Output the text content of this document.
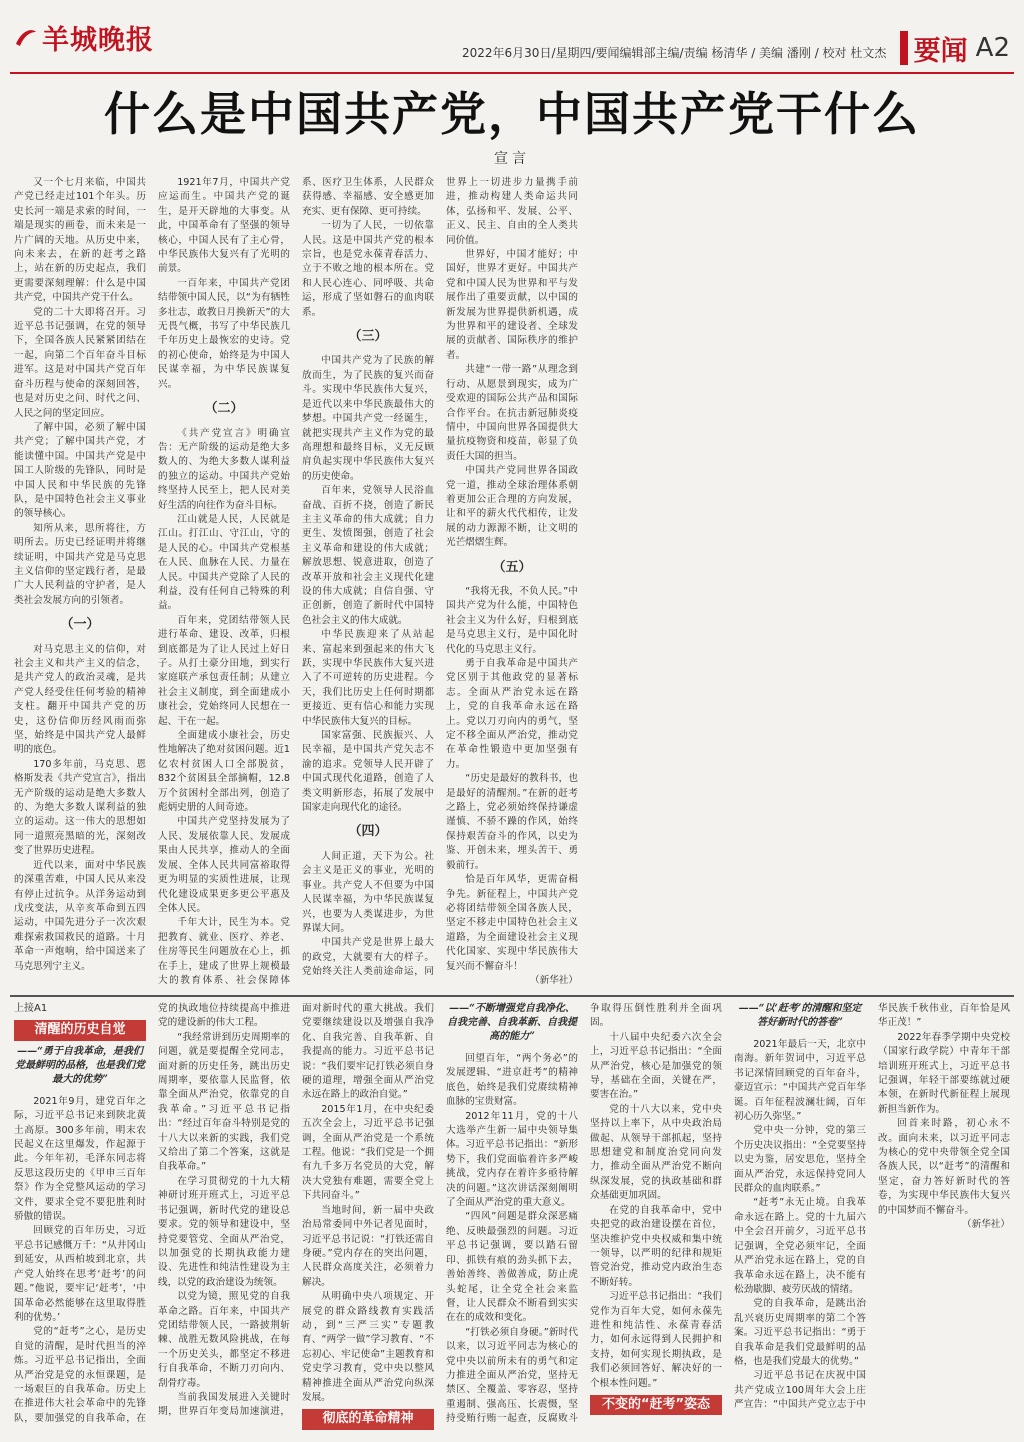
羊城晚报	2022年6月30日/星期四/要闻编辑部主编/责编 杨清华 / 美编 潘刚 / 校对 杜文杰 要闻 A2
什么是中国共产党，中国共产党干什么
宣言

又一个七月来临，中国共产党已经走过101个年头。历史长河一端是求索的时间，一端是现实的画卷，而未来是一片广阔的天地。从历史中来，向未来去，在新的赶考之路上，站在新的历史起点，我们更需要深刻理解：什么是中国共产党，中国共产党干什么。

党的二十大即将召开。习近平总书记强调，在党的领导下，全国各族人民紧紧团结在一起，向第二个百年奋斗目标进军。这是对中国共产党百年奋斗历程与使命的深刻回答，也是对历史之问、时代之问、人民之问的坚定回应。

了解中国，必须了解中国共产党；了解中国共产党，才能读懂中国。中国共产党是中国工人阶级的先锋队，同时是中国人民和中华民族的先锋队，是中国特色社会主义事业的领导核心。

知所从来，思所将往，方明所去。历史已经证明并将继续证明，中国共产党是马克思主义信仰的坚定践行者，是最广大人民利益的守护者，是人类社会发展方向的引领者。

（一）

对马克思主义的信仰，对社会主义和共产主义的信念，是共产党人的政治灵魂，是共产党人经受住任何考验的精神支柱。翻开中国共产党的历史，这份信仰历经风雨而弥坚，始终是中国共产党人最鲜明的底色。

170多年前，马克思、恩格斯发表《共产党宣言》，指出无产阶级的运动是绝大多数人的、为绝大多数人谋利益的独立的运动。这一伟大的思想如同一道照亮黑暗的光，深刻改变了世界历史进程。

近代以来，面对中华民族的深重苦难，中国人民从来没有停止过抗争。从洋务运动到戊戌变法，从辛亥革命到五四运动，中国先进分子一次次艰难探索救国救民的道路。十月革命一声炮响，给中国送来了马克思列宁主义。

1921年7月，中国共产党应运而生。中国共产党的诞生，是开天辟地的大事变。从此，中国革命有了坚强的领导核心，中国人民有了主心骨，中华民族伟大复兴有了光明的前景。

一百年来，中国共产党团结带领中国人民，以“为有牺牲多壮志，敢教日月换新天”的大无畏气概，书写了中华民族几千年历史上最恢宏的史诗。党的初心使命，始终是为中国人民谋幸福，为中华民族谋复兴。

（二）

《共产党宣言》明确宣告：无产阶级的运动是绝大多数人的、为绝大多数人谋利益的独立的运动。中国共产党始终坚持人民至上，把人民对美好生活的向往作为奋斗目标。

江山就是人民，人民就是江山。打江山、守江山，守的是人民的心。中国共产党根基在人民、血脉在人民、力量在人民。中国共产党除了人民的利益，没有任何自己特殊的利益。

百年来，党团结带领人民进行革命、建设、改革，归根到底都是为了让人民过上好日子。从打土豪分田地，到实行家庭联产承包责任制；从建立社会主义制度，到全面建成小康社会，党始终同人民想在一起、干在一起。

全面建成小康社会，历史性地解决了绝对贫困问题。近1亿农村贫困人口全部脱贫，832个贫困县全部摘帽，12.8万个贫困村全部出列，创造了彪炳史册的人间奇迹。

中国共产党坚持发展为了人民、发展依靠人民、发展成果由人民共享，推动人的全面发展、全体人民共同富裕取得更为明显的实质性进展，让现代化建设成果更多更公平惠及全体人民。

千年大计，民生为本。党把教育、就业、医疗、养老、住房等民生问题放在心上，抓在手上，建成了世界上规模最大的教育体系、社会保障体系、医疗卫生体系，人民群众获得感、幸福感、安全感更加充实、更有保障、更可持续。

一切为了人民，一切依靠人民。这是中国共产党的根本宗旨，也是党永葆青春活力、立于不败之地的根本所在。党和人民心连心、同呼吸、共命运，形成了坚如磐石的血肉联系。

（三）

中国共产党为了民族的解放而生，为了民族的复兴而奋斗。实现中华民族伟大复兴，是近代以来中华民族最伟大的梦想。中国共产党一经诞生，就把实现共产主义作为党的最高理想和最终目标，义无反顾肩负起实现中华民族伟大复兴的历史使命。

百年来，党领导人民浴血奋战、百折不挠，创造了新民主主义革命的伟大成就；自力更生、发愤图强，创造了社会主义革命和建设的伟大成就；解放思想、锐意进取，创造了改革开放和社会主义现代化建设的伟大成就；自信自强、守正创新，创造了新时代中国特色社会主义的伟大成就。

中华民族迎来了从站起来、富起来到强起来的伟大飞跃，实现中华民族伟大复兴进入了不可逆转的历史进程。今天，我们比历史上任何时期都更接近、更有信心和能力实现中华民族伟大复兴的目标。

国家富强、民族振兴、人民幸福，是中国共产党矢志不渝的追求。党领导人民开辟了中国式现代化道路，创造了人类文明新形态，拓展了发展中国家走向现代化的途径。

（四）

人间正道，天下为公。社会主义是正义的事业，光明的事业。共产党人不但要为中国人民谋幸福，为中华民族谋复兴，也要为人类谋进步，为世界谋大同。

中国共产党是世界上最大的政党，大就要有大的样子。党始终关注人类前途命运，同世界上一切进步力量携手前进，推动构建人类命运共同体，弘扬和平、发展、公平、正义、民主、自由的全人类共同价值。

世界好，中国才能好；中国好，世界才更好。中国共产党和中国人民为世界和平与发展作出了重要贡献，以中国的新发展为世界提供新机遇，成为世界和平的建设者、全球发展的贡献者、国际秩序的维护者。

共建“一带一路”从理念到行动、从愿景到现实，成为广受欢迎的国际公共产品和国际合作平台。在抗击新冠肺炎疫情中，中国向世界各国提供大量抗疫物资和疫苗，彰显了负责任大国的担当。

中国共产党同世界各国政党一道，推动全球治理体系朝着更加公正合理的方向发展，让和平的薪火代代相传，让发展的动力源源不断，让文明的光芒熠熠生辉。

（五）

“我将无我，不负人民。”中国共产党为什么能，中国特色社会主义为什么好，归根到底是马克思主义行，是中国化时代化的马克思主义行。

勇于自我革命是中国共产党区别于其他政党的显著标志。全面从严治党永远在路上，党的自我革命永远在路上。党以刀刃向内的勇气，坚定不移全面从严治党，推动党在革命性锻造中更加坚强有力。

“历史是最好的教科书，也是最好的清醒剂。”在新的赶考之路上，党必须始终保持谦虚谨慎、不骄不躁的作风，始终保持艰苦奋斗的作风，以史为鉴、开创未来，埋头苦干、勇毅前行。

恰是百年风华，更需奋楫争先。新征程上，中国共产党必将团结带领全国各族人民，坚定不移走中国特色社会主义道路，为全面建设社会主义现代化国家、实现中华民族伟大复兴而不懈奋斗！

（新华社）

上接A1

清醒的历史自觉
——“勇于自我革命，是我们党最鲜明的品格，也是我们党最大的优势”

2021年9月，建党百年之际，习近平总书记来到陕北黄土高原。300多年前，明末农民起义在这里爆发，作起源于此。今年年初，毛泽东同志将反思这段历史的《甲申三百年祭》作为全党整风运动的学习文件，要求全党不要犯胜利时骄傲的错误。

回顾党的百年历史，习近平总书记感慨万千：“从井冈山到延安，从西柏坡到北京，共产党人始终在思考‘赶考’的问题。”他说，要牢记‘赶考’，‘中国革命必然能够在这里取得胜利的优势。’

党的“赶考”之心，是历史自觉的清醒，是时代担当的淬炼。习近平总书记指出，全面从严治党是党的永恒课题，是一场艰巨的自我革命。历史上在推进伟大社会革命中的先锋队，要加强党的自我革命，在党的执政地位持续提高中推进党的建设新的伟大工程。

“我经常讲到历史周期率的问题，就是要提醒全党同志，面对新的历史任务，跳出历史周期率，要依靠人民监督，依靠全面从严治党，依靠党的自我革命。”习近平总书记指出：“经过百年奋斗特别是党的十八大以来新的实践，我们党又给出了第二个答案，这就是自我革命。”

在学习贯彻党的十九大精神研讨班开班式上，习近平总书记强调，新时代党的建设总要求。党的领导和建设中，坚持党要管党、全面从严治党，以加强党的长期执政能力建设、先进性和纯洁性建设为主线，以党的政治建设为统领。

以党为镜，照见党的自我革命之路。百年来，中国共产党团结带领人民，一路披荆斩棘、战胜无数风险挑战，在每一个历史关头，都坚定不移进行自我革命，不断刀刃向内、刮骨疗毒。

当前我国发展进入关键时期，世界百年变局加速演进，面对新时代的重大挑战。我们党要继续建设以及增强自我净化、自我完善、自我革新、自我提高的能力。习近平总书记说：“我们要牢记打铁必须自身硬的道理，增强全面从严治党永远在路上的政治自觉。”

2015年1月，在中央纪委五次全会上，习近平总书记强调，全面从严治党是一个系统工程。他说：“我们党是一个拥有九千多万名党员的大党，解决大党独有难题，需要全党上下共同奋斗。”

当地时间，新一届中央政治局常委同中外记者见面时，习近平总书记说：“打铁还需自身硬。”党内存在的突出问题，人民群众高度关注，必须着力解决。

从明确中央八项规定、开展党的群众路线教育实践活动，到“三严三实”专题教育、“两学一做”学习教育、“不忘初心、牢记使命”主题教育和党史学习教育，党中央以整风精神推进全面从严治党向纵深发展。

彻底的革命精神
——“不断增强党自我净化、自我完善、自我革新、自我提高的能力”

回望百年，“两个务必”的发展逻辑、“进京赶考”的精神底色，始终是我们党赓续精神血脉的宝贵财富。

2012年11月，党的十八大选举产生新一届中央领导集体。习近平总书记指出：“新形势下，我们党面临着许多严峻挑战，党内存在着许多亟待解决的问题。”这次讲话深刻阐明了全面从严治党的重大意义。

“四风”问题是群众深恶痛绝、反映最强烈的问题。习近平总书记强调，要以踏石留印、抓铁有痕的劲头抓下去，善始善终、善做善成，防止虎头蛇尾，让全党全社会来监督，让人民群众不断看到实实在在的成效和变化。

“打铁必须自身硬。”新时代以来，以习近平同志为核心的党中央以前所未有的勇气和定力推进全面从严治党，坚持无禁区、全覆盖、零容忍，坚持重遏制、强高压、长震慑，坚持受贿行贿一起查，反腐败斗争取得压倒性胜利并全面巩固。

十八届中央纪委六次全会上，习近平总书记指出：“全面从严治党，核心是加强党的领导，基础在全面，关键在严，要害在治。”

党的十八大以来，党中央坚持以上率下，从中央政治局做起、从领导干部抓起，坚持思想建党和制度治党同向发力，推动全面从严治党不断向纵深发展，党的执政基础和群众基础更加巩固。

在党的自我革命中，党中央把党的政治建设摆在首位，坚决维护党中央权威和集中统一领导，以严明的纪律和规矩管党治党，推动党内政治生态不断好转。

习近平总书记指出：“我们党作为百年大党，如何永葆先进性和纯洁性、永葆青春活力，如何永远得到人民拥护和支持，如何实现长期执政，是我们必须回答好、解决好的一个根本性问题。”

不变的“赶考”姿态
——“以‘赶考’的清醒和坚定答好新时代的答卷”

2021年最后一天，北京中南海。新年贺词中，习近平总书记深情回顾党的百年奋斗，豪迈宣示：“中国共产党百年华诞。百年征程波澜壮阔，百年初心历久弥坚。”

党中央一分钟，党的第三个历史决议指出：“全党要坚持以史为鉴，居安思危，坚持全面从严治党，永远保持党同人民群众的血肉联系。”

“赶考”永无止境。自我革命永远在路上。党的十九届六中全会召开前夕，习近平总书记强调，全党必须牢记，全面从严治党永远在路上，党的自我革命永远在路上，决不能有松劲歇脚、疲劳厌战的情绪。

党的自我革命，是跳出治乱兴衰历史周期率的第二个答案。习近平总书记指出：“勇于自我革命是我们党最鲜明的品格，也是我们党最大的优势。”

习近平总书记在庆祝中国共产党成立100周年大会上庄严宣告：“中国共产党立志于中华民族千秋伟业，百年恰是风华正茂！”

2022年春季学期中央党校（国家行政学院）中青年干部培训班开班式上，习近平总书记强调，年轻干部要练就过硬本领，在新时代新征程上展现新担当新作为。

回首来时路，初心永不改。面向未来，以习近平同志为核心的党中央带领全党全国各族人民，以“赶考”的清醒和坚定，奋力答好新时代的答卷，为实现中华民族伟大复兴的中国梦而不懈奋斗。

（新华社）
